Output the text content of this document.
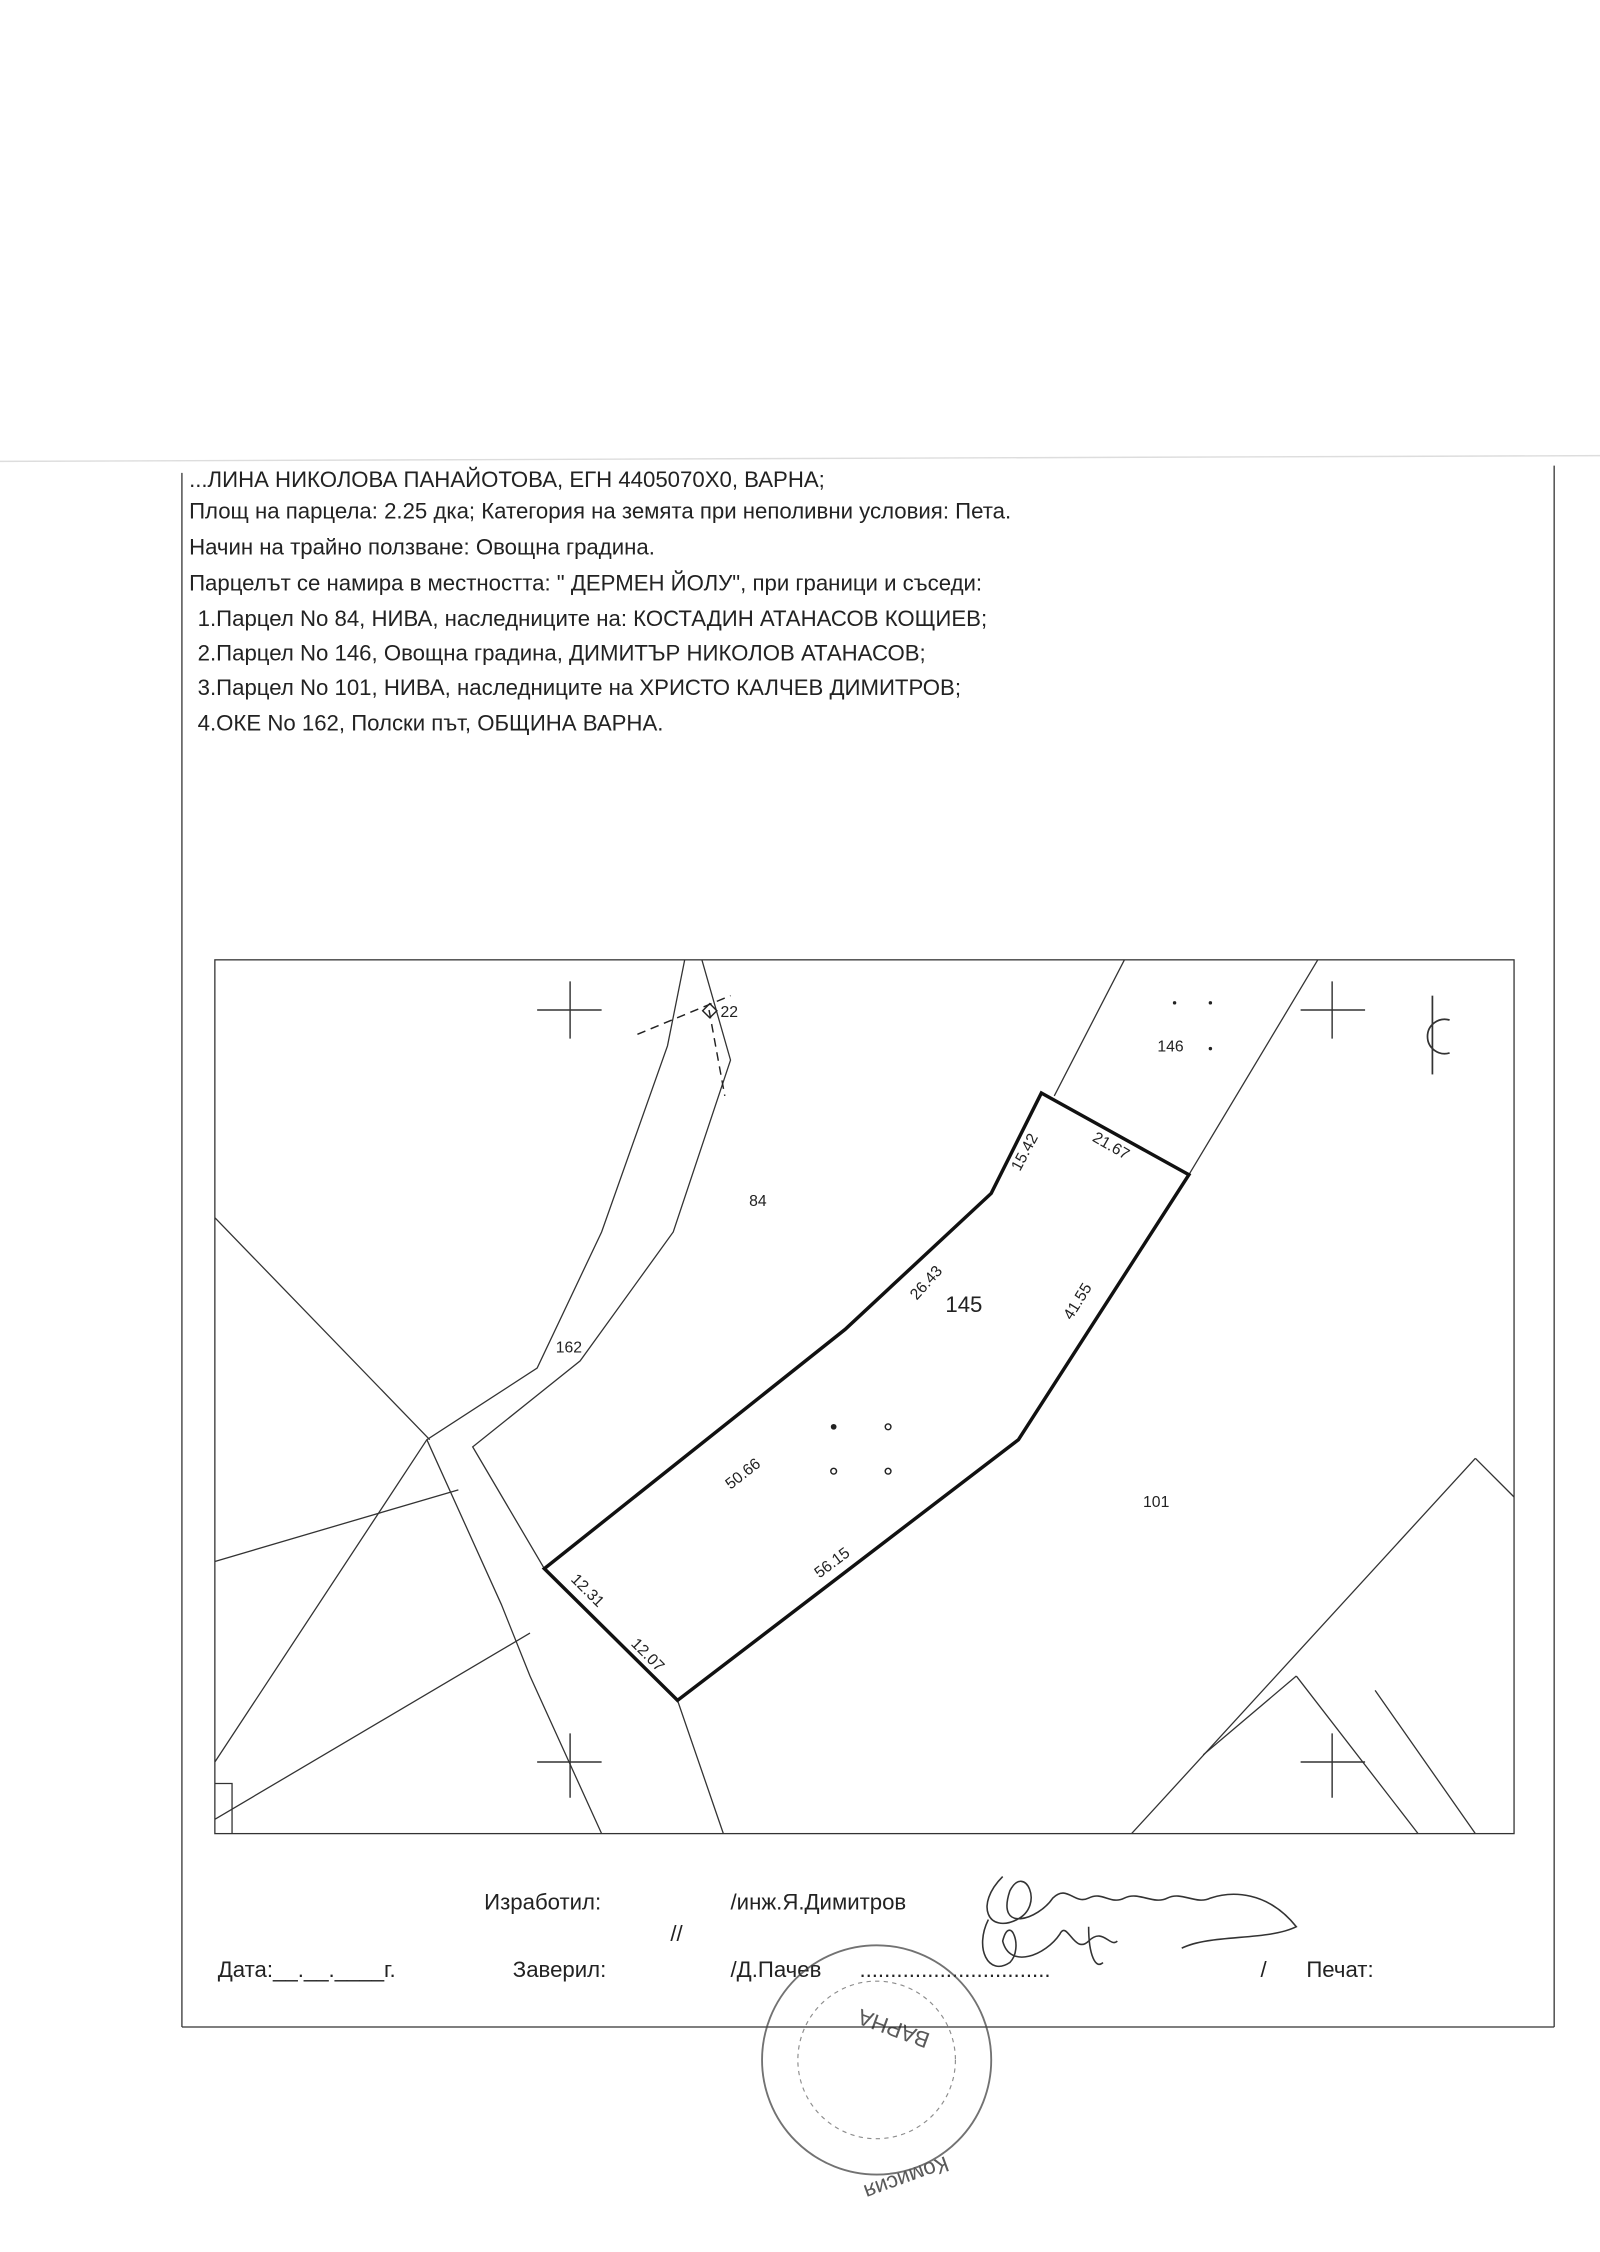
...ЛИНА НИКОЛОВА ПАНАЙОТОВА, ЕГН 4405070X0, ВАРНА;
Площ на парцела: 2.25 дка; Категория на земята при неполивни условия: Пета.
Начин на трайно ползване: Овощна градина.
Парцелът се намира в местността: " ДЕРМЕН ЙОЛУ", при граници и съседи:
1.Парцел No 84, НИВА, наследниците на: КОСТАДИН АТАНАСОВ КОЩИЕВ;
2.Парцел No 146, Овощна градина, ДИМИТЪР НИКОЛОВ АТАНАСОВ;
3.Парцел No 101, НИВА, наследниците на ХРИСТО КАЛЧЕВ ДИМИТРОВ;
4.ОКЕ No 162, Полски път, ОБЩИНА ВАРНА.
22
84
145
146
101
162
15.42	21.67
41.55
26.43
50.66
56.15
12.31
12.07
Изработил:	/инж.Я.Димитров
//
Дата:__.__.____г.	Заверил:	/Д.Пачев ...............................	/	Печат:
ВАРНА
Комисия
